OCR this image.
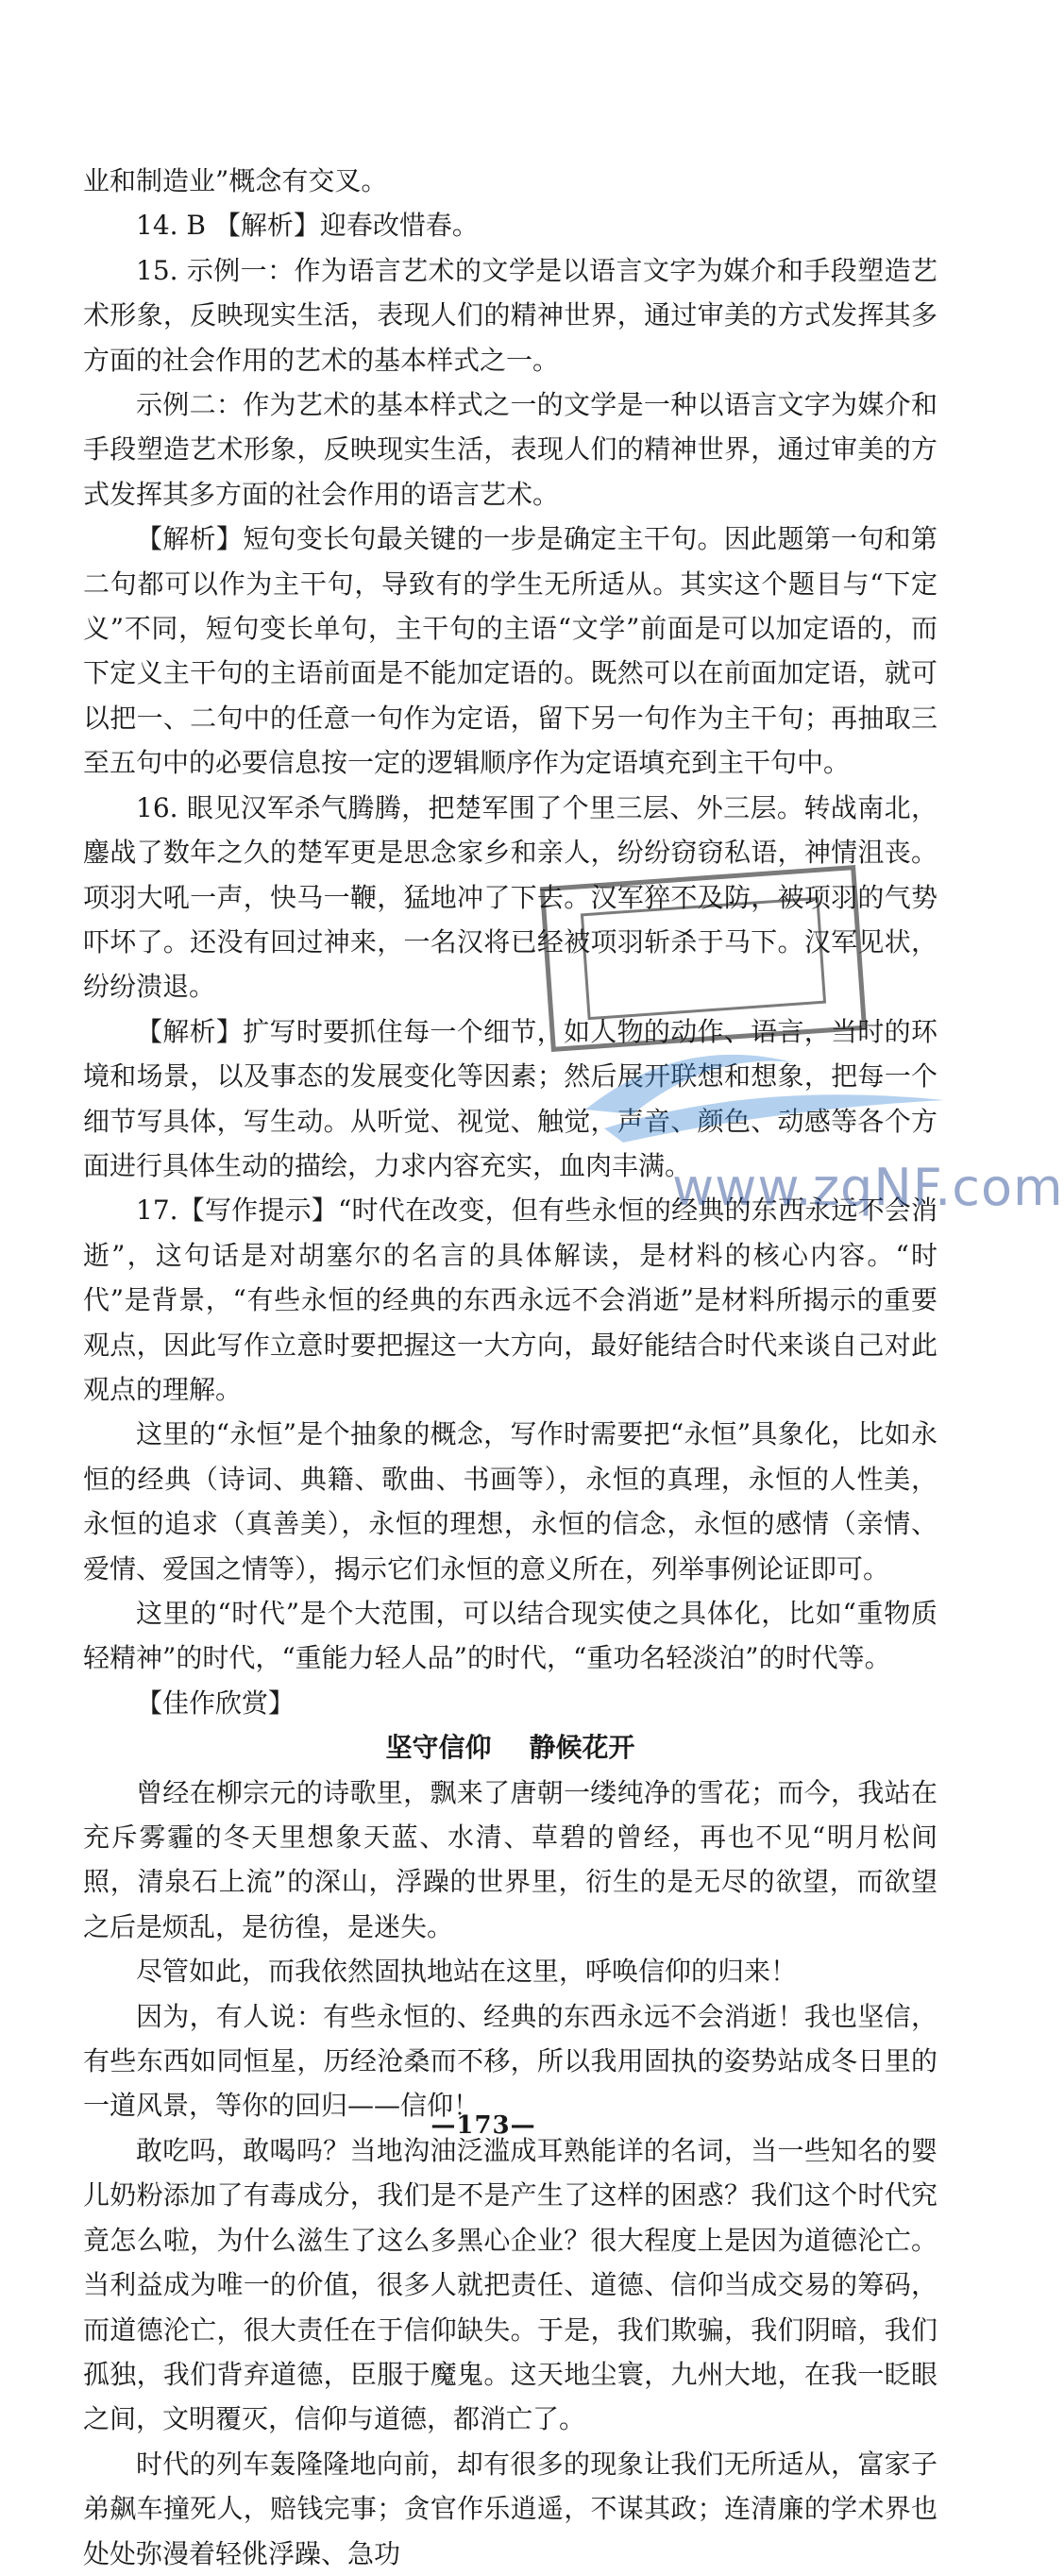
业和制造业”概念有交叉。

14. B 【解析】迎春改惜春。

15. 示例一：作为语言艺术的文学是以语言文字为媒介和手段塑造艺术形象，反映现实生活，表现人们的精神世界，通过审美的方式发挥其多方面的社会作用的艺术的基本样式之一。

示例二：作为艺术的基本样式之一的文学是一种以语言文字为媒介和手段塑造艺术形象，反映现实生活，表现人们的精神世界，通过审美的方式发挥其多方面的社会作用的语言艺术。

【解析】短句变长句最关键的一步是确定主干句。因此题第一句和第二句都可以作为主干句，导致有的学生无所适从。其实这个题目与“下定义”不同，短句变长单句，主干句的主语“文学”前面是可以加定语的，而下定义主干句的主语前面是不能加定语的。既然可以在前面加定语，就可以把一、二句中的任意一句作为定语，留下另一句作为主干句；再抽取三至五句中的必要信息按一定的逻辑顺序作为定语填充到主干句中。

16. 眼见汉军杀气腾腾，把楚军围了个里三层、外三层。转战南北，鏖战了数年之久的楚军更是思念家乡和亲人，纷纷窃窃私语，神情沮丧。项羽大吼一声，快马一鞭，猛地冲了下去。汉军猝不及防，被项羽的气势吓坏了。还没有回过神来，一名汉将已经被项羽斩杀于马下。汉军见状，纷纷溃退。

【解析】扩写时要抓住每一个细节，如人物的动作、语言，当时的环境和场景，以及事态的发展变化等因素；然后展开联想和想象，把每一个细节写具体，写生动。从听觉、视觉、触觉，声音、颜色、动感等各个方面进行具体生动的描绘，力求内容充实，血肉丰满。

17.【写作提示】“时代在改变，但有些永恒的经典的东西永远不会消逝”，这句话是对胡塞尔的名言的具体解读，是材料的核心内容。“时代”是背景，“有些永恒的经典的东西永远不会消逝”是材料所揭示的重要观点，因此写作立意时要把握这一大方向，最好能结合时代来谈自己对此观点的理解。

这里的“永恒”是个抽象的概念，写作时需要把“永恒”具象化，比如永恒的经典（诗词、典籍、歌曲、书画等），永恒的真理，永恒的人性美，永恒的追求（真善美），永恒的理想，永恒的信念，永恒的感情（亲情、爱情、爱国之情等），揭示它们永恒的意义所在，列举事例论证即可。

这里的“时代”是个大范围，可以结合现实使之具体化，比如“重物质轻精神”的时代，“重能力轻人品”的时代，“重功名轻淡泊”的时代等。

【佳作欣赏】

坚守信仰 静候花开

曾经在柳宗元的诗歌里，飘来了唐朝一缕纯净的雪花；而今，我站在充斥雾霾的冬天里想象天蓝、水清、草碧的曾经，再也不见“明月松间照，清泉石上流”的深山，浮躁的世界里，衍生的是无尽的欲望，而欲望之后是烦乱，是彷徨，是迷失。

尽管如此，而我依然固执地站在这里，呼唤信仰的归来！

因为，有人说：有些永恒的、经典的东西永远不会消逝！我也坚信，有些东西如同恒星，历经沧桑而不移，所以我用固执的姿势站成冬日里的一道风景，等你的回归——信仰！

敢吃吗，敢喝吗？当地沟油泛滥成耳熟能详的名词，当一些知名的婴儿奶粉添加了有毒成分，我们是不是产生了这样的困惑？我们这个时代究竟怎么啦，为什么滋生了这么多黑心企业？很大程度上是因为道德沦亡。当利益成为唯一的价值，很多人就把责任、道德、信仰当成交易的筹码，而道德沦亡，很大责任在于信仰缺失。于是，我们欺骗，我们阴暗，我们孤独，我们背弃道德，臣服于魔鬼。这天地尘寰，九州大地，在我一眨眼之间，文明覆灭，信仰与道德，都消亡了。

时代的列车轰隆隆地向前，却有很多的现象让我们无所适从，富家子弟飙车撞死人，赔钱完事；贪官作乐逍遥，不谋其政；连清廉的学术界也处处弥漫着轻佻浮躁、急功

www.zqNF.com
—173—
